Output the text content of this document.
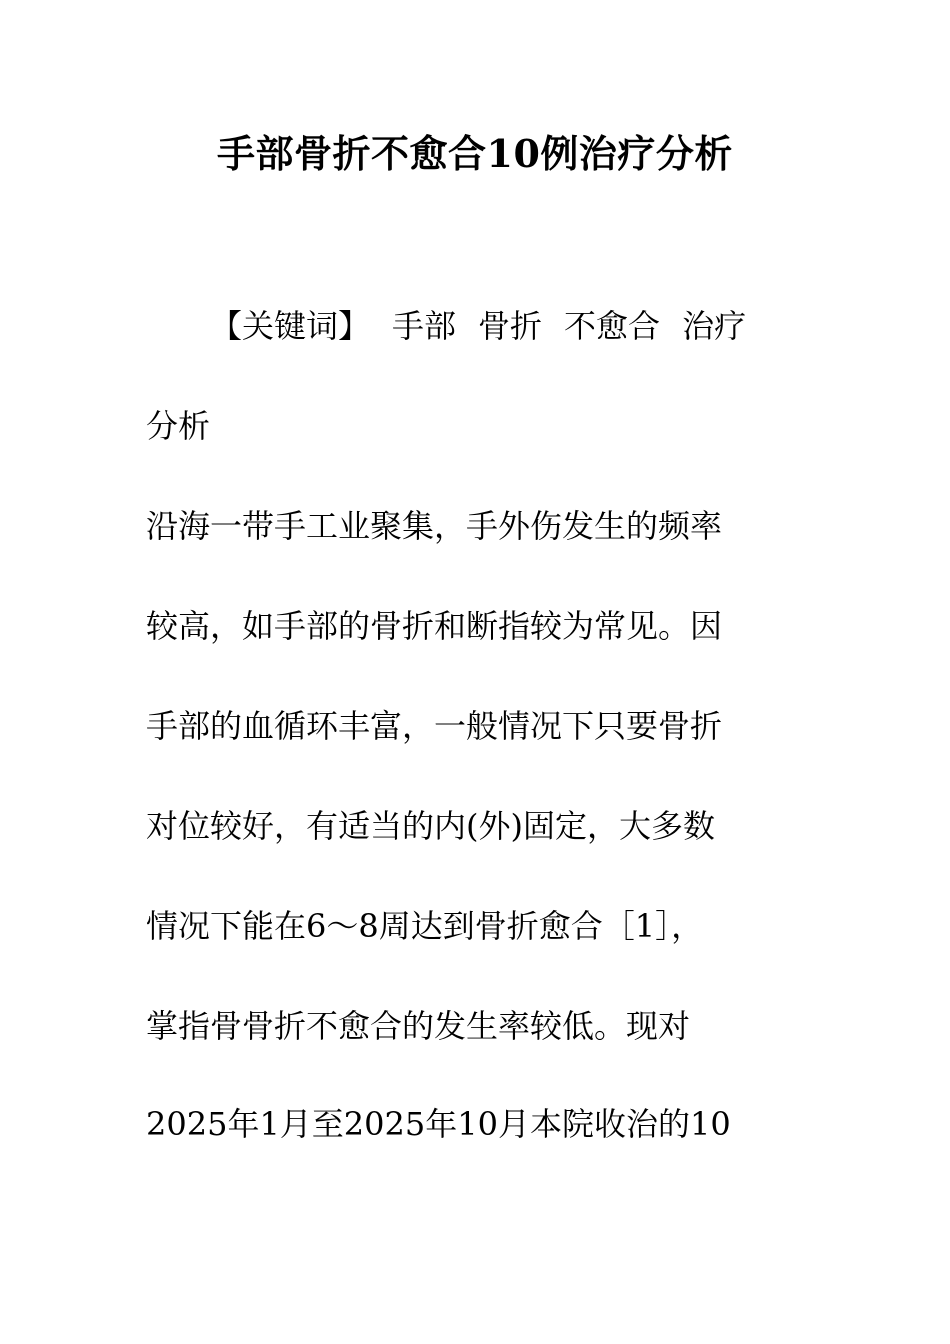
手部骨折不愈合10例治疗分析
【关键词】 手部 骨折 不愈合 治疗
分析
沿海一带手工业聚集，手外伤发生的频率
较高，如手部的骨折和断指较为常见。因
手部的血循环丰富，一般情况下只要骨折
对位较好，有适当的内(外)固定，大多数
情况下能在6～8周达到骨折愈合［1］，
掌指骨骨折不愈合的发生率较低。现对
2025年1月至2025年10月本院收治的10
